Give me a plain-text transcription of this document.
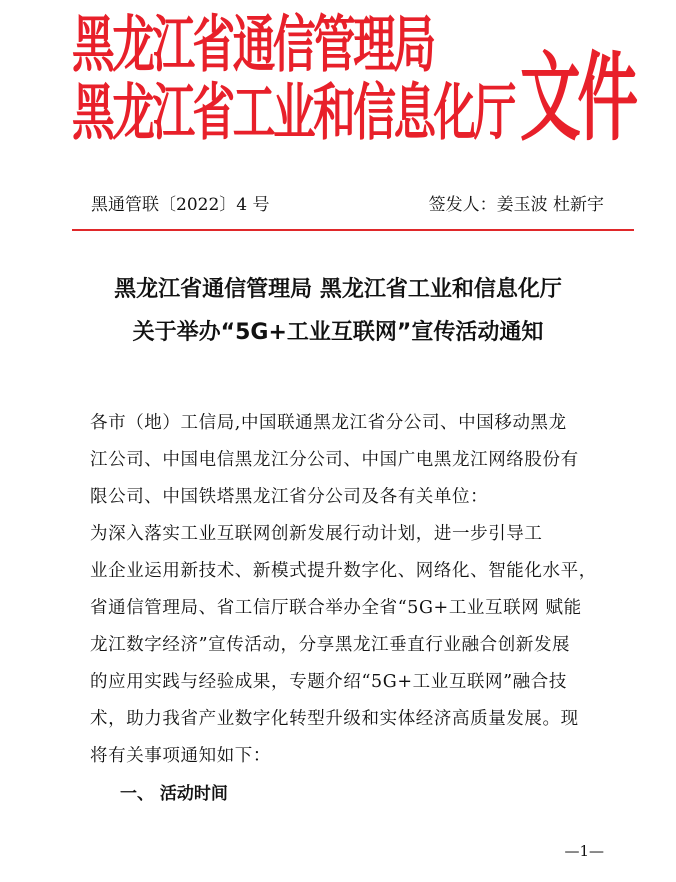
黑龙江省通信管理局
黑龙江省工业和信息化厅 文件
黑通管联〔2022〕4 号	签发人：姜玉波 杜新宇
黑龙江省通信管理局 黑龙江省工业和信息化厅
关于举办“5G+工业互联网”宣传活动通知
各市（地）工信局,中国联通黑龙江省分公司、中国移动黑龙
江公司、中国电信黑龙江分公司、中国广电黑龙江网络股份有
限公司、中国铁塔黑龙江省分公司及各有关单位：
为深入落实工业互联网创新发展行动计划，进一步引导工
业企业运用新技术、新模式提升数字化、网络化、智能化水平，
省通信管理局、省工信厅联合举办全省“5G+工业互联网 赋能
龙江数字经济”宣传活动，分享黑龙江垂直行业融合创新发展
的应用实践与经验成果，专题介绍“5G+工业互联网”融合技
术，助力我省产业数字化转型升级和实体经济高质量发展。现
将有关事项通知如下：
一、 活动时间
—1—
